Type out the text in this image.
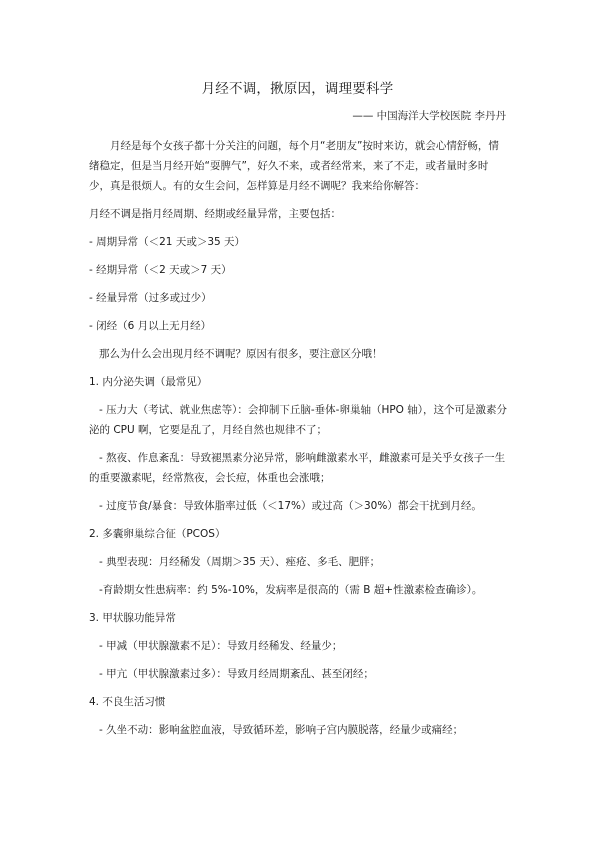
月经不调，揪原因，调理要科学
—— 中国海洋大学校医院 李丹丹

月经是每个女孩子都十分关注的问题，每个月“老朋友”按时来访，就会心情舒畅，情绪稳定，但是当月经开始“耍脾气”，好久不来，或者经常来，来了不走，或者量时多时少，真是很烦人。有的女生会问，怎样算是月经不调呢？我来给你解答：

月经不调是指月经周期、经期或经量异常，主要包括：

- 周期异常（＜21 天或＞35 天）

- 经期异常（＜2 天或＞7 天）

- 经量异常（过多或过少）

- 闭经（6 月以上无月经）

那么为什么会出现月经不调呢？原因有很多，要注意区分哦！

1. 内分泌失调（最常见）

- 压力大（考试、就业焦虑等）：会抑制下丘脑-垂体-卵巢轴（HPO 轴），这个可是激素分泌的 CPU 啊，它要是乱了，月经自然也规律不了；

- 熬夜、作息紊乱：导致褪黑素分泌异常，影响雌激素水平，雌激素可是关乎女孩子一生的重要激素呢，经常熬夜，会长痘，体重也会涨哦；

- 过度节食/暴食：导致体脂率过低（＜17%）或过高（＞30%）都会干扰到月经。

2. 多囊卵巢综合征（PCOS）

- 典型表现：月经稀发（周期＞35 天）、痤疮、多毛、肥胖；

-育龄期女性患病率：约 5%-10%，发病率是很高的（需 B 超+性激素检查确诊）。

3. 甲状腺功能异常

- 甲减（甲状腺激素不足）：导致月经稀发、经量少；

- 甲亢（甲状腺激素过多）：导致月经周期紊乱、甚至闭经；

4. 不良生活习惯

- 久坐不动：影响盆腔血液，导致循环差，影响子宫内膜脱落，经量少或痛经；
